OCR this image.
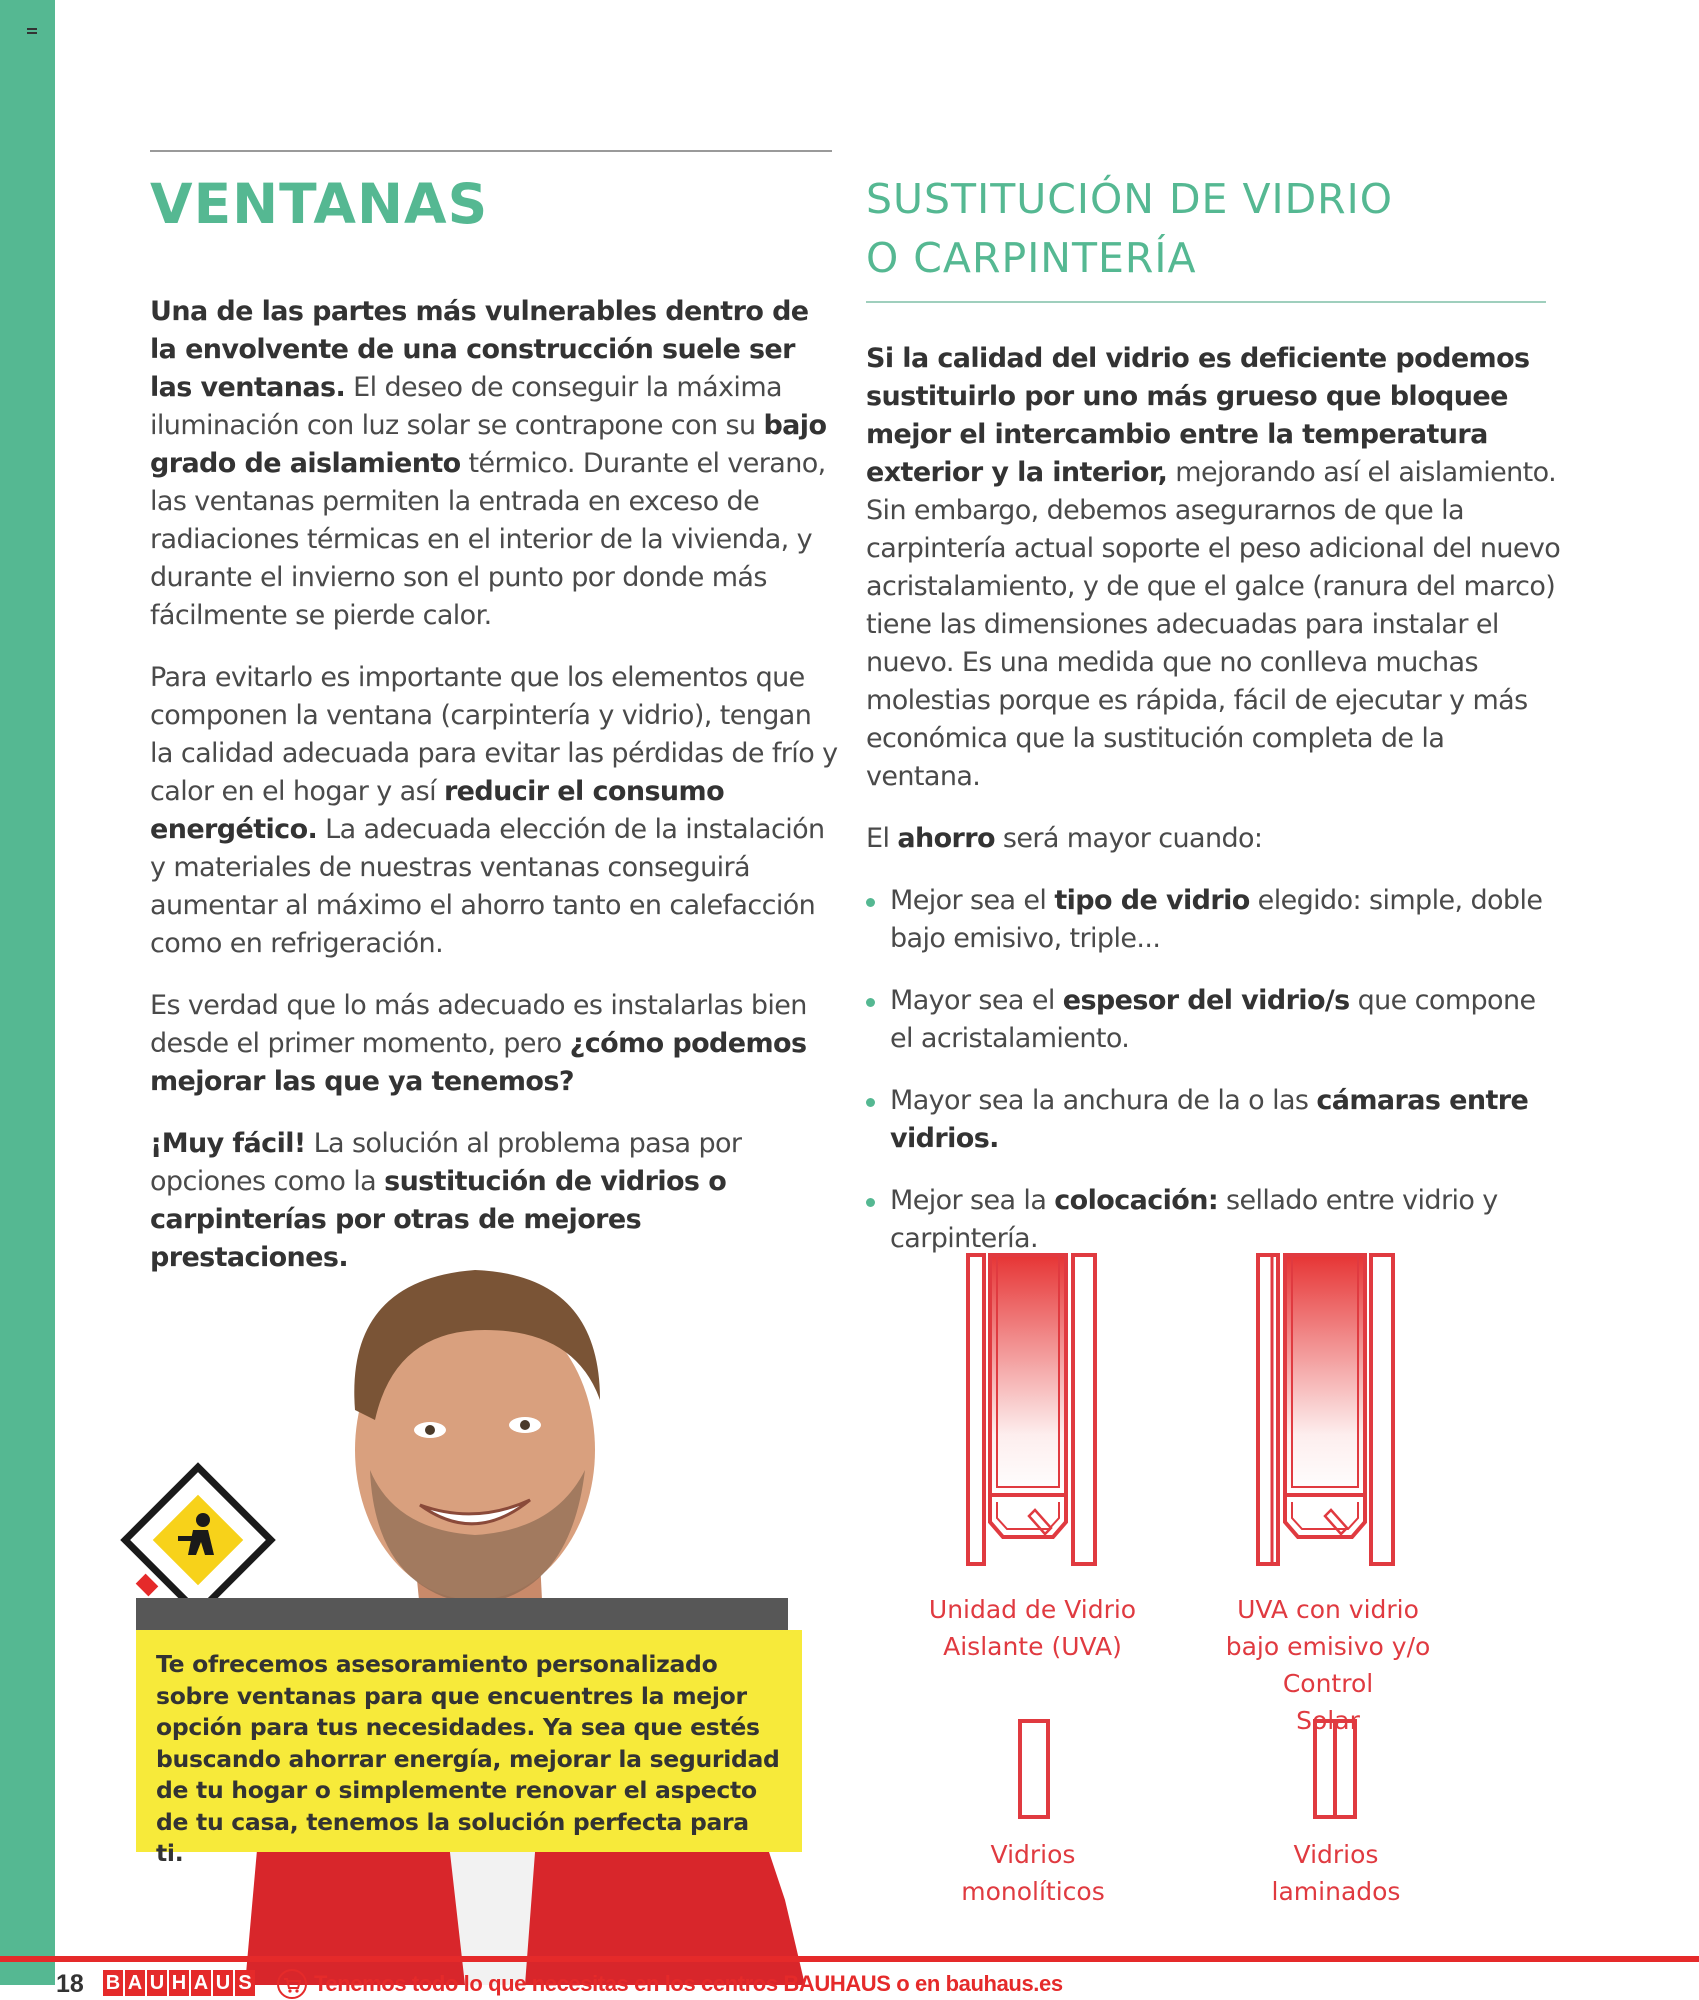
VENTANAS	SUSTITUCIÓN DE VIDRIO
O CARPINTERÍA

Una de las partes más vulnerables dentro de la envolvente de una construcción suele ser las ventanas. El deseo de conseguir la máxima iluminación con luz solar se contrapone con su bajo grado de aislamiento térmico. Durante el verano, las ventanas permiten la entrada en exceso de radiaciones térmicas en el interior de la vivienda, y durante el invierno son el punto por donde más fácilmente se pierde calor.

Para evitarlo es importante que los elementos que componen la ventana (carpintería y vidrio), tengan la calidad adecuada para evitar las pérdidas de frío y calor en el hogar y así reducir el consumo energético. La adecuada elección de la instalación y materiales de nuestras ventanas conseguirá aumentar al máximo el ahorro tanto en calefacción como en refrigeración.

Es verdad que lo más adecuado es instalarlas bien desde el primer momento, pero ¿cómo podemos mejorar las que ya tenemos?

¡Muy fácil! La solución al problema pasa por opciones como la sustitución de vidrios o carpinterías por otras de mejores prestaciones.

Si la calidad del vidrio es deficiente podemos sustituirlo por uno más grueso que bloquee mejor el intercambio entre la temperatura exterior y la interior, mejorando así el aislamiento. Sin embargo, debemos asegurarnos de que la carpintería actual soporte el peso adicional del nuevo acristalamiento, y de que el galce (ranura del marco) tiene las dimensiones adecuadas para instalar el nuevo. Es una medida que no conlleva muchas molestias porque es rápida, fácil de ejecutar y más económica que la sustitución completa de la ventana.

El ahorro será mayor cuando:

Mejor sea el tipo de vidrio elegido: simple, doble bajo emisivo, triple...
Mayor sea el espesor del vidrio/s que compone el acristalamiento.
Mayor sea la anchura de la o las cámaras entre vidrios.
Mejor sea la colocación: sellado entre vidrio y carpintería.
Unidad de Vidrio
Aislante (UVA)
UVA con vidrio
bajo emisivo y/o Control
Solar
Vidrios
monolíticos
Vidrios
laminados
Te ofrecemos asesoramiento personalizado sobre ventanas para que encuentres la mejor opción para tus necesidades. Ya sea que estés buscando ahorrar energía, mejorar la seguridad de tu hogar o simplemente renovar el aspecto de tu casa, tenemos la solución perfecta para ti.
18 B A U H A U S	Tenemos todo lo que necesitas en los centros BAUHAUS o en bauhaus.es
